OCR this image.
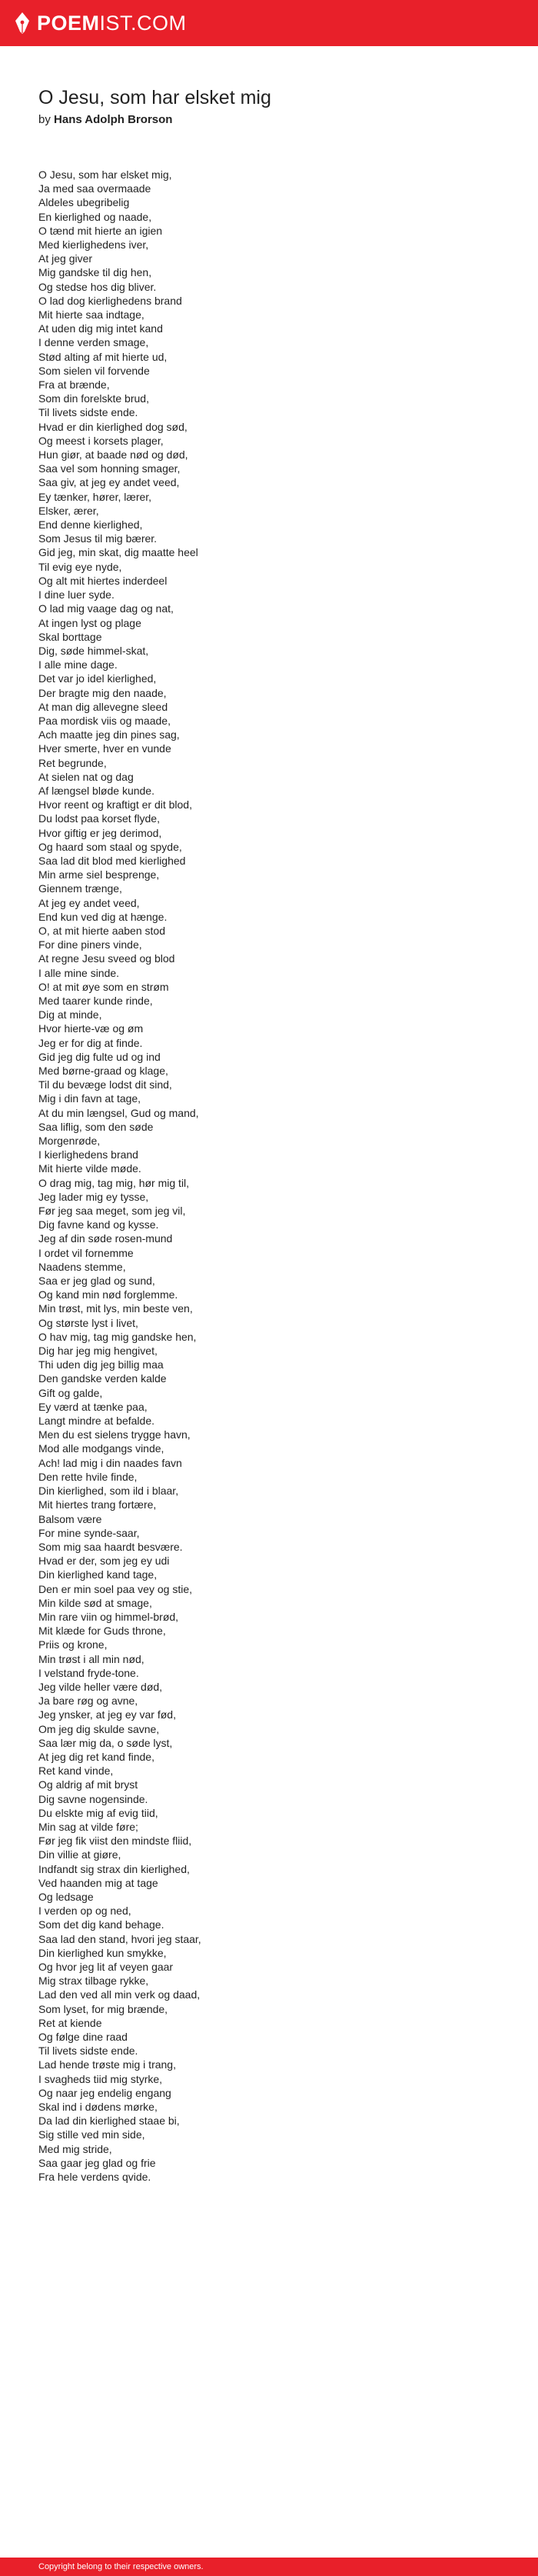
POEMIST.COM
O Jesu, som har elsket mig
by Hans Adolph Brorson
O Jesu, som har elsket mig,
Ja med saa overmaade
Aldeles ubegribelig
En kierlighed og naade,
O tænd mit hierte an igien
Med kierlighedens iver,
At jeg giver
Mig gandske til dig hen,
Og stedse hos dig bliver.
O lad dog kierlighedens brand
Mit hierte saa indtage,
At uden dig mig intet kand
I denne verden smage,
Stød alting af mit hierte ud,
Som sielen vil forvende
Fra at brænde,
Som din forelskte brud,
Til livets sidste ende.
Hvad er din kierlighed dog sød,
Og meest i korsets plager,
Hun giør, at baade nød og død,
Saa vel som honning smager,
Saa giv, at jeg ey andet veed,
Ey tænker, hører, lærer,
Elsker, ærer,
End denne kierlighed,
Som Jesus til mig bærer.
Gid jeg, min skat, dig maatte heel
Til evig eye nyde,
Og alt mit hiertes inderdeel
I dine luer syde.
O lad mig vaage dag og nat,
At ingen lyst og plage
Skal borttage
Dig, søde himmel-skat,
I alle mine dage.
Det var jo idel kierlighed,
Der bragte mig den naade,
At man dig allevegne sleed
Paa mordisk viis og maade,
Ach maatte jeg din pines sag,
Hver smerte, hver en vunde
Ret begrunde,
At sielen nat og dag
Af længsel bløde kunde.
Hvor reent og kraftigt er dit blod,
Du lodst paa korset flyde,
Hvor giftig er jeg derimod,
Og haard som staal og spyde,
Saa lad dit blod med kierlighed
Min arme siel besprenge,
Giennem trænge,
At jeg ey andet veed,
End kun ved dig at hænge.
O, at mit hierte aaben stod
For dine piners vinde,
At regne Jesu sveed og blod
I alle mine sinde.
O! at mit øye som en strøm
Med taarer kunde rinde,
Dig at minde,
Hvor hierte-væ og øm
Jeg er for dig at finde.
Gid jeg dig fulte ud og ind
Med børne-graad og klage,
Til du bevæge lodst dit sind,
Mig i din favn at tage,
At du min længsel, Gud og mand,
Saa liflig, som den søde
Morgenrøde,
I kierlighedens brand
Mit hierte vilde møde.
O drag mig, tag mig, hør mig til,
Jeg lader mig ey tysse,
Før jeg saa meget, som jeg vil,
Dig favne kand og kysse.
Jeg af din søde rosen-mund
I ordet vil fornemme
Naadens stemme,
Saa er jeg glad og sund,
Og kand min nød forglemme.
Min trøst, mit lys, min beste ven,
Og største lyst i livet,
O hav mig, tag mig gandske hen,
Dig har jeg mig hengivet,
Thi uden dig jeg billig maa
Den gandske verden kalde
Gift og galde,
Ey værd at tænke paa,
Langt mindre at befalde.
Men du est sielens trygge havn,
Mod alle modgangs vinde,
Ach! lad mig i din naades favn
Den rette hvile finde,
Din kierlighed, som ild i blaar,
Mit hiertes trang fortære,
Balsom være
For mine synde-saar,
Som mig saa haardt besvære.
Hvad er der, som jeg ey udi
Din kierlighed kand tage,
Den er min soel paa vey og stie,
Min kilde sød at smage,
Min rare viin og himmel-brød,
Mit klæde for Guds throne,
Priis og krone,
Min trøst i all min nød,
I velstand fryde-tone.
Jeg vilde heller være død,
Ja bare røg og avne,
Jeg ynsker, at jeg ey var fød,
Om jeg dig skulde savne,
Saa lær mig da, o søde lyst,
At jeg dig ret kand finde,
Ret kand vinde,
Og aldrig af mit bryst
Dig savne nogensinde.
Du elskte mig af evig tiid,
Min sag at vilde føre;
Før jeg fik viist den mindste fliid,
Din villie at giøre,
Indfandt sig strax din kierlighed,
Ved haanden mig at tage
Og ledsage
I verden op og ned,
Som det dig kand behage.
Saa lad den stand, hvori jeg staar,
Din kierlighed kun smykke,
Og hvor jeg lit af veyen gaar
Mig strax tilbage rykke,
Lad den ved all min verk og daad,
Som lyset, for mig brænde,
Ret at kiende
Og følge dine raad
Til livets sidste ende.
Lad hende trøste mig i trang,
I svagheds tiid mig styrke,
Og naar jeg endelig engang
Skal ind i dødens mørke,
Da lad din kierlighed staae bi,
Sig stille ved min side,
Med mig stride,
Saa gaar jeg glad og frie
Fra hele verdens qvide.
Copyright belong to their respective owners.
